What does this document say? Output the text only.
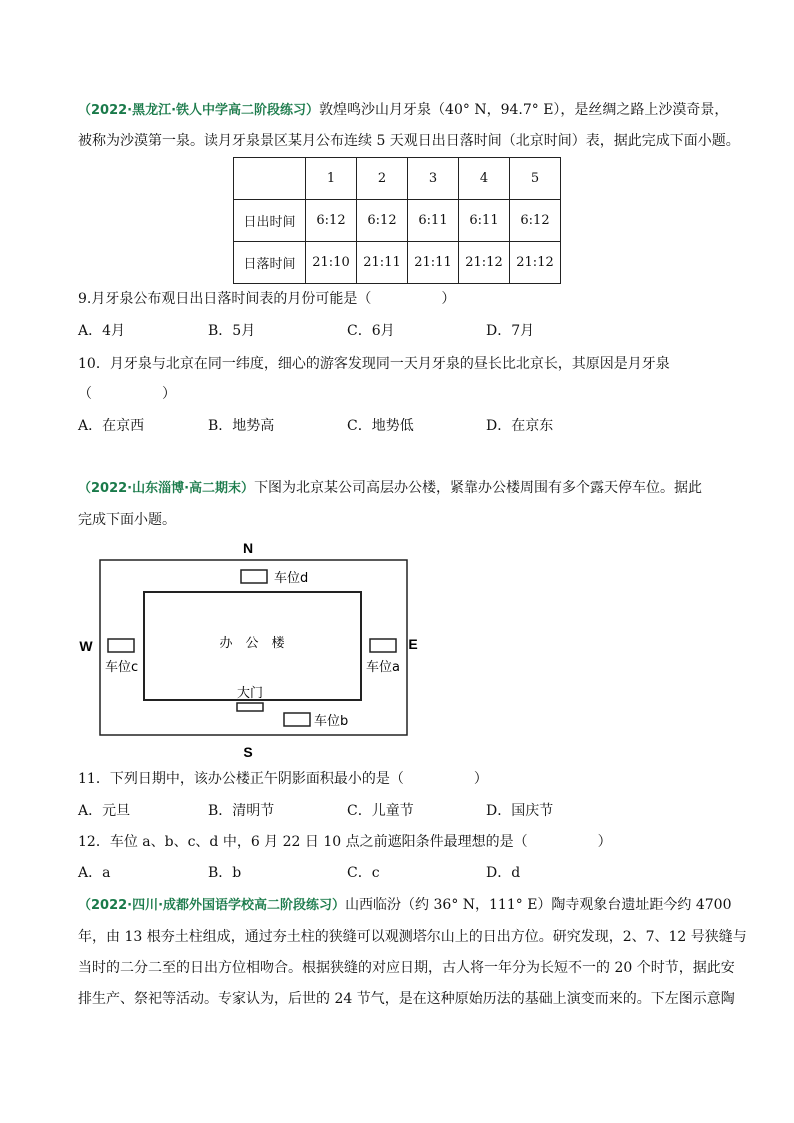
（2022·黑龙江·铁人中学高二阶段练习）敦煌鸣沙山月牙泉（40° N，94.7° E），是丝绸之路上沙漠奇景，
被称为沙漠第一泉。读月牙泉景区某月公布连续 5 天观日出日落时间（北京时间）表，据此完成下面小题。
	1	2	3	4	5
日出时间	6:12	6:12	6:11	6:11	6:12
日落时间	21:10	21:11	21:11	21:12	21:12
9.月牙泉公布观日出日落时间表的月份可能是（　　　　　）
A．4月	B．5月	C．6月	D．7月
10．月牙泉与北京在同一纬度，细心的游客发现同一天月牙泉的昼长比北京长，其原因是月牙泉
（　　　　　）
A．在京西	B．地势高	C．地势低	D．在京东
（2022·山东淄博·高二期末）下图为北京某公司高层办公楼，紧靠办公楼周围有多个露天停车位。据此
完成下面小题。
办　公　楼
大门
车位d
车位c	车位a
车位b
N
S
W	E
11．下列日期中，该办公楼正午阴影面积最小的是（　　　　　）
A．元旦	B．清明节	C．儿童节	D．国庆节
12．车位 a、b、c、d 中，6 月 22 日 10 点之前遮阳条件最理想的是（　　　　　）
A．a	B．b	C．c	D．d
（2022·四川·成都外国语学校高二阶段练习）山西临汾（约 36° N，111° E）陶寺观象台遗址距今约 4700
年，由 13 根夯土柱组成，通过夯土柱的狭缝可以观测塔尔山上的日出方位。研究发现，2、7、12 号狭缝与
当时的二分二至的日出方位相吻合。根据狭缝的对应日期，古人将一年分为长短不一的 20 个时节，据此安
排生产、祭祀等活动。专家认为，后世的 24 节气，是在这种原始历法的基础上演变而来的。下左图示意陶
